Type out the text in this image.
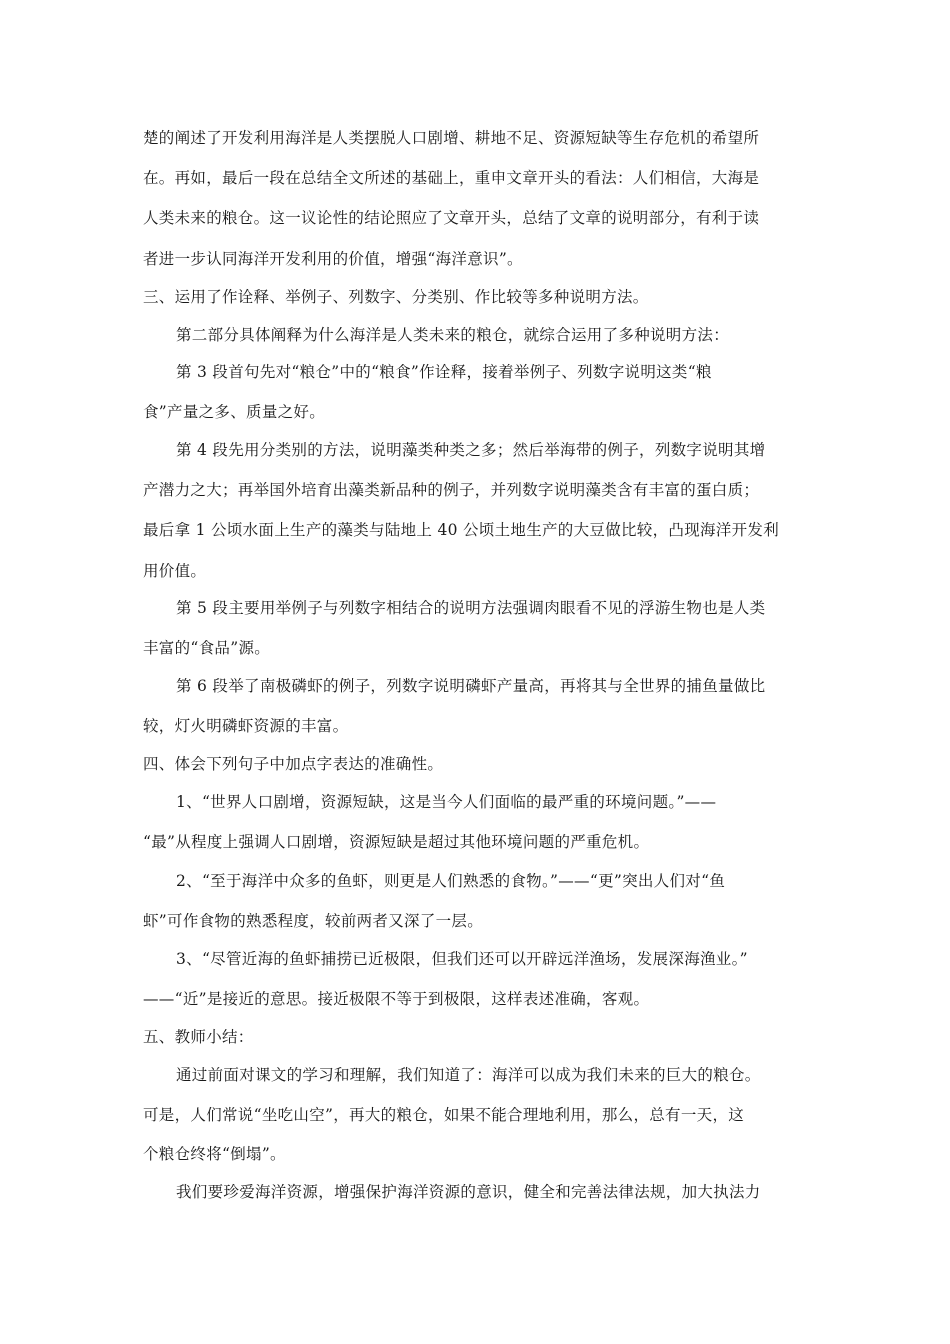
楚的阐述了开发利用海洋是人类摆脱人口剧增、耕地不足、资源短缺等生存危机的希望所
在。再如，最后一段在总结全文所述的基础上，重申文章开头的看法：人们相信，大海是
人类未来的粮仓。这一议论性的结论照应了文章开头，总结了文章的说明部分，有利于读
者进一步认同海洋开发利用的价值，增强“海洋意识”。
三、运用了作诠释、举例子、列数字、分类别、作比较等多种说明方法。
第二部分具体阐释为什么海洋是人类未来的粮仓，就综合运用了多种说明方法：
第 3 段首句先对“粮仓”中的“粮食”作诠释，接着举例子、列数字说明这类“粮
食”产量之多、质量之好。
第 4 段先用分类别的方法，说明藻类种类之多；然后举海带的例子，列数字说明其增
产潜力之大；再举国外培育出藻类新品种的例子，并列数字说明藻类含有丰富的蛋白质；
最后拿 1 公顷水面上生产的藻类与陆地上 40 公顷土地生产的大豆做比较，凸现海洋开发利
用价值。
第 5 段主要用举例子与列数字相结合的说明方法强调肉眼看不见的浮游生物也是人类
丰富的“食品”源。
第 6 段举了南极磷虾的例子，列数字说明磷虾产量高，再将其与全世界的捕鱼量做比
较，灯火明磷虾资源的丰富。
四、体会下列句子中加点字表达的准确性。
1、“世界人口剧增，资源短缺，这是当今人们面临的最严重的环境问题。”——
“最”从程度上强调人口剧增，资源短缺是超过其他环境问题的严重危机。
2、“至于海洋中众多的鱼虾，则更是人们熟悉的食物。”——“更”突出人们对“鱼
虾”可作食物的熟悉程度，较前两者又深了一层。
3、“尽管近海的鱼虾捕捞已近极限，但我们还可以开辟远洋渔场，发展深海渔业。”
——“近”是接近的意思。接近极限不等于到极限，这样表述准确，客观。
五、教师小结：
通过前面对课文的学习和理解，我们知道了：海洋可以成为我们未来的巨大的粮仓。
可是，人们常说“坐吃山空”，再大的粮仓，如果不能合理地利用，那么，总有一天，这
个粮仓终将“倒塌”。
我们要珍爱海洋资源，增强保护海洋资源的意识，健全和完善法律法规，加大执法力
